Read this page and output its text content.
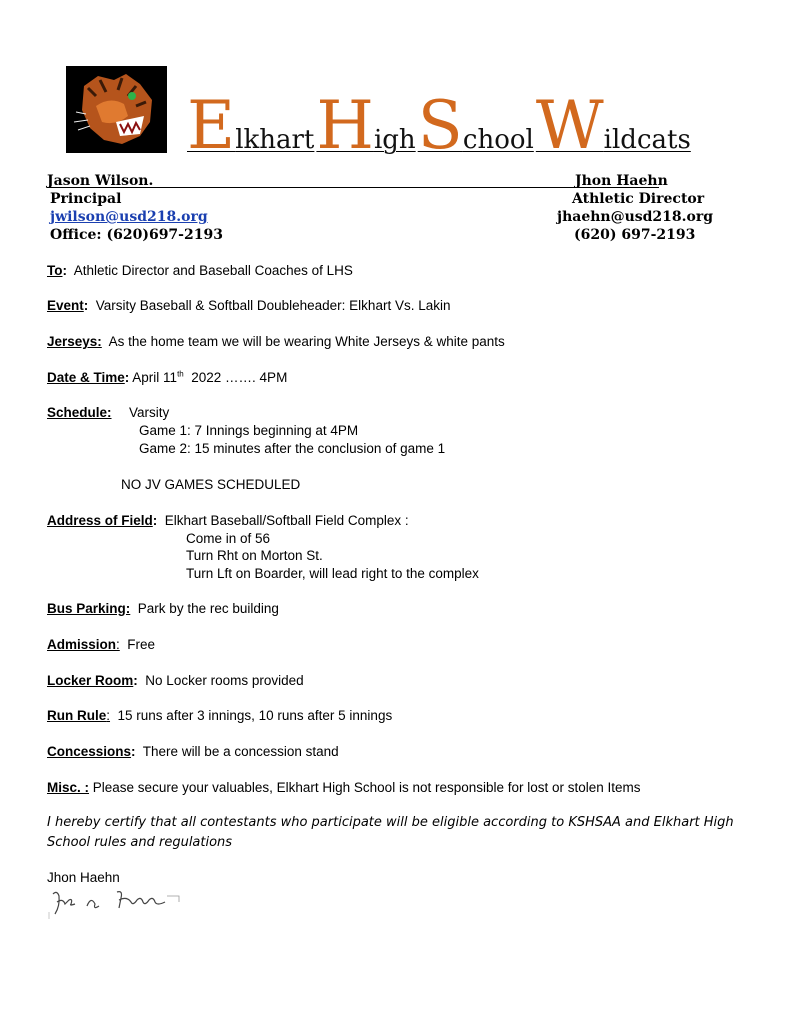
ElkhartHighSchoolWildcats
Jason Wilson.
Principal
jwilson@usd218.org
Office: (620)697-2193
Jhon Haehn
Athletic Director
jhaehn@usd218.org
(620) 697-2193
To: Athletic Director and Baseball Coaches of LHS
Event: Varsity Baseball & Softball Doubleheader: Elkhart Vs. Lakin
Jerseys: As the home team we will be wearing White Jerseys & white pants
Date & Time: April 11th 2022 ……. 4PM
Schedule: Varsity
Game 1: 7 Innings beginning at 4PM
Game 2: 15 minutes after the conclusion of game 1
NO JV GAMES SCHEDULED
Address of Field: Elkhart Baseball/Softball Field Complex :
Come in of 56
Turn Rht on Morton St.
Turn Lft on Boarder, will lead right to the complex
Bus Parking: Park by the rec building
Admission: Free
Locker Room: No Locker rooms provided
Run Rule: 15 runs after 3 innings, 10 runs after 5 innings
Concessions: There will be a concession stand
Misc. : Please secure your valuables, Elkhart High School is not responsible for lost or stolen Items
I hereby certify that all contestants who participate will be eligible according to KSHSAA and Elkhart High School rules and regulations
Jhon Haehn
